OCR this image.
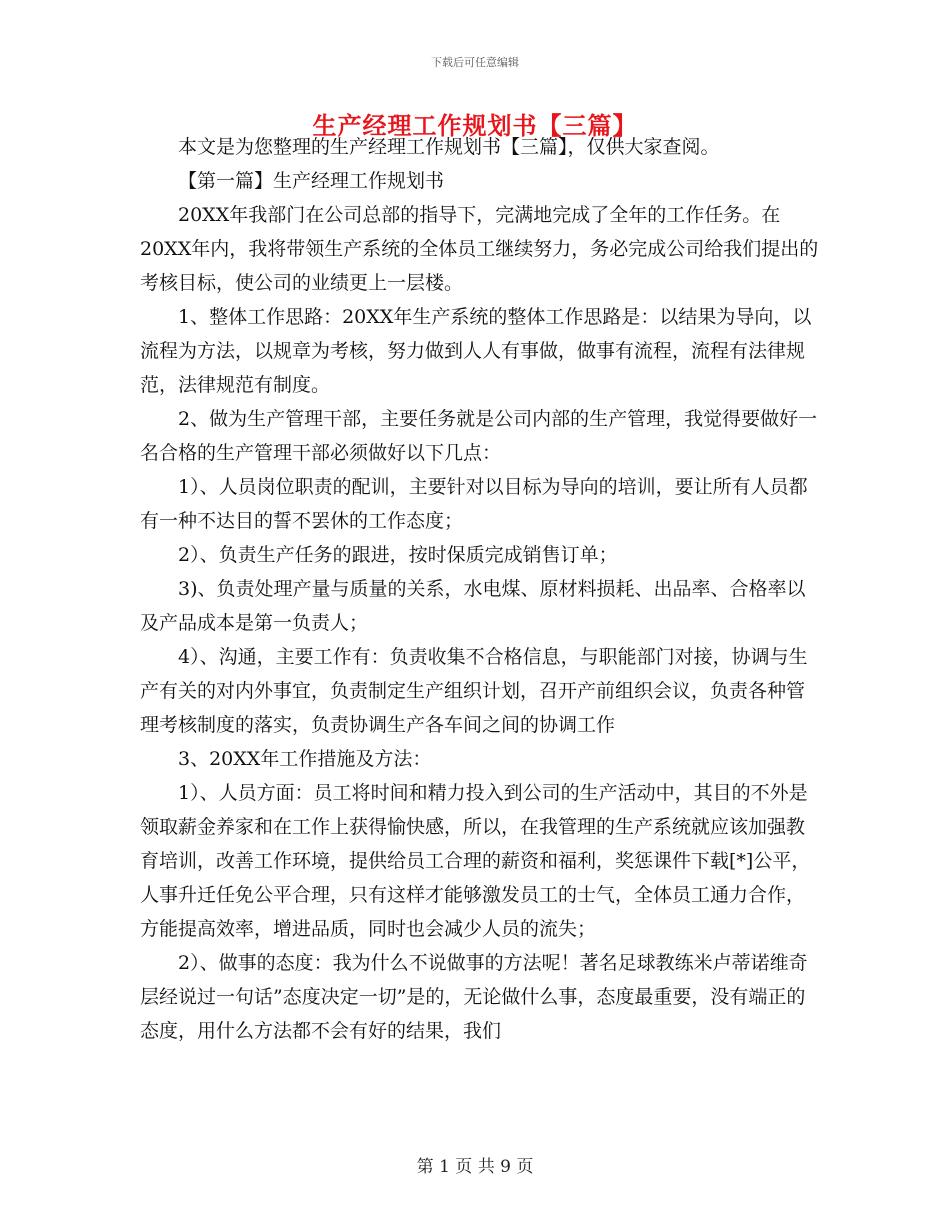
下载后可任意编辑
生产经理工作规划书【三篇】

本文是为您整理的生产经理工作规划书【三篇】，仅供大家查阅。

【第一篇】生产经理工作规划书

20XX年我部门在公司总部的指导下，完满地完成了全年的工作任务。在20XX年内，我将带领生产系统的全体员工继续努力，务必完成公司给我们提出的考核目标，使公司的业绩更上一层楼。

1、整体工作思路：20XX年生产系统的整体工作思路是：以结果为导向，以流程为方法，以规章为考核，努力做到人人有事做，做事有流程，流程有法律规范，法律规范有制度。

2、做为生产管理干部，主要任务就是公司内部的生产管理，我觉得要做好一名合格的生产管理干部必须做好以下几点：

1）、人员岗位职责的配训，主要针对以目标为导向的培训，要让所有人员都有一种不达目的誓不罢休的工作态度；

2）、负责生产任务的跟进，按时保质完成销售订单；

3)、负责处理产量与质量的关系，水电煤、原材料损耗、出品率、合格率以及产品成本是第一负责人；

4）、沟通，主要工作有：负责收集不合格信息，与职能部门对接，协调与生产有关的对内外事宜，负责制定生产组织计划，召开产前组织会议，负责各种管理考核制度的落实，负责协调生产各车间之间的协调工作

3、20XX年工作措施及方法：

1）、人员方面：员工将时间和精力投入到公司的生产活动中，其目的不外是领取薪金养家和在工作上获得愉快感，所以，在我管理的生产系统就应该加强教育培训，改善工作环境，提供给员工合理的薪资和福利，奖惩课件下载[*]公平，人事升迁任免公平合理，只有这样才能够激发员工的士气，全体员工通力合作，方能提高效率，增进品质，同时也会减少人员的流失；

2）、做事的态度：我为什么不说做事的方法呢！著名足球教练米卢蒂诺维奇层经说过一句话”态度决定一切”是的，无论做什么事，态度最重要，没有端正的态度，用什么方法都不会有好的结果，我们

第 1 页 共 9 页
